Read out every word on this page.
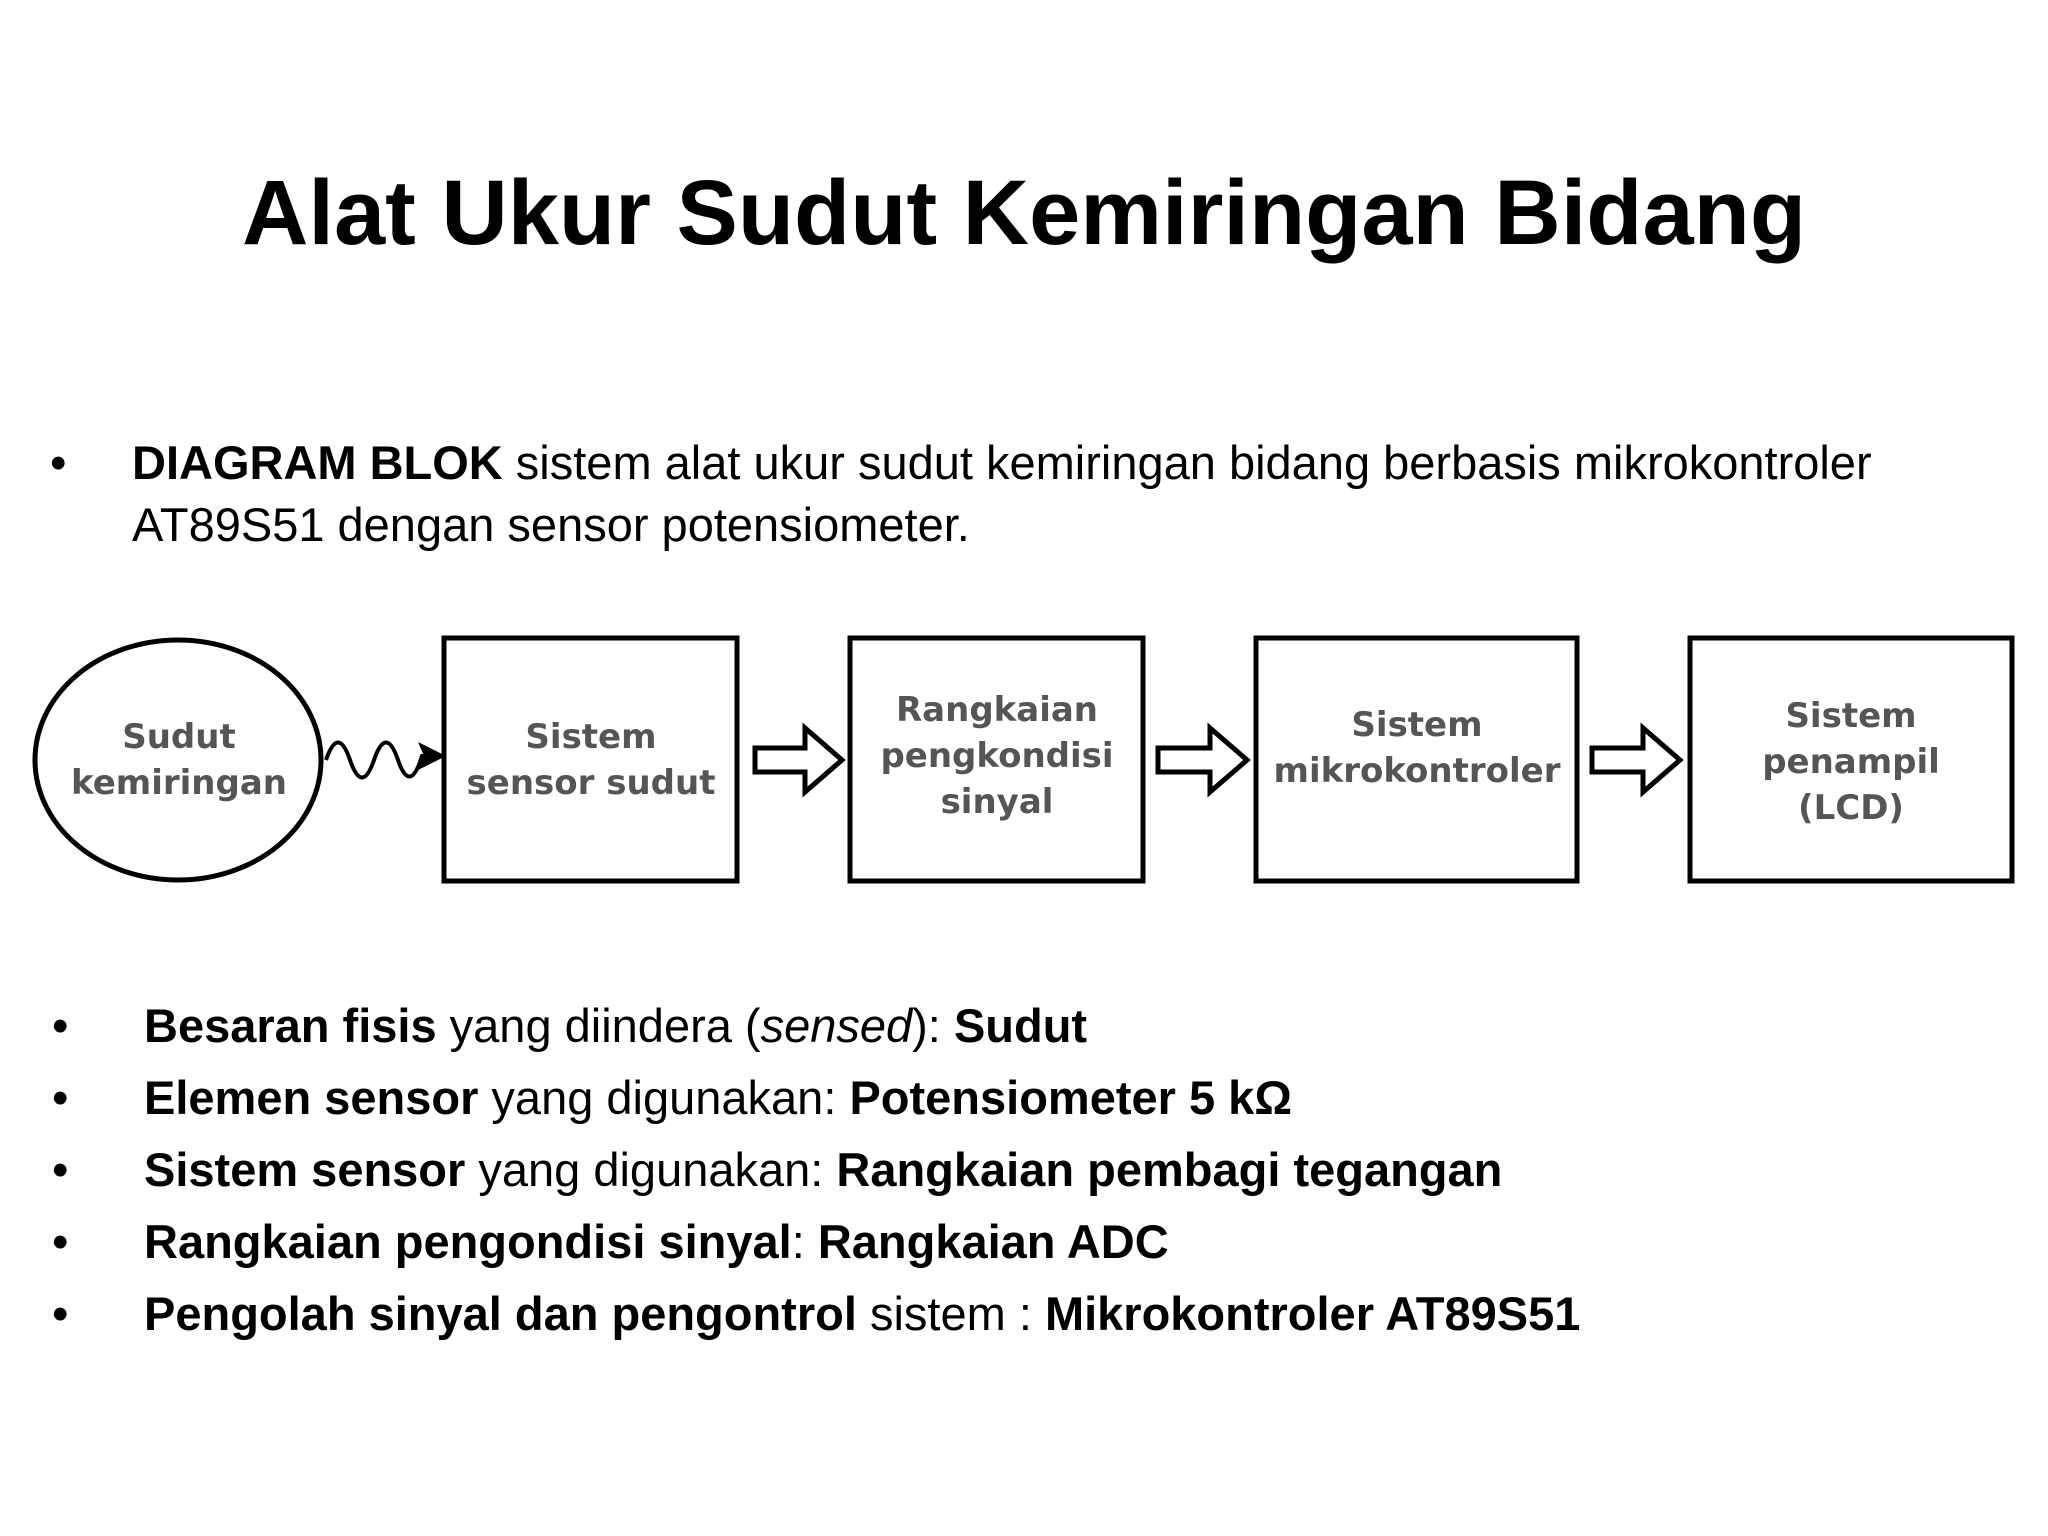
Alat Ukur Sudut Kemiringan Bidang
• DIAGRAM BLOK sistem alat ukur sudut kemiringan bidang berbasis mikrokontroler AT89S51 dengan sensor potensiometer.
Sudut
kemiringan
Sistem
sensor sudut
Rangkaian
pengkondisi
sinyal
Sistem
mikrokontroler
Sistem
penampil
(LCD)
• Besaran fisis yang diindera (sensed): Sudut
• Elemen sensor yang digunakan: Potensiometer 5 kΩ
• Sistem sensor yang digunakan: Rangkaian pembagi tegangan
• Rangkaian pengondisi sinyal: Rangkaian ADC
• Pengolah sinyal dan pengontrol sistem : Mikrokontroler AT89S51
